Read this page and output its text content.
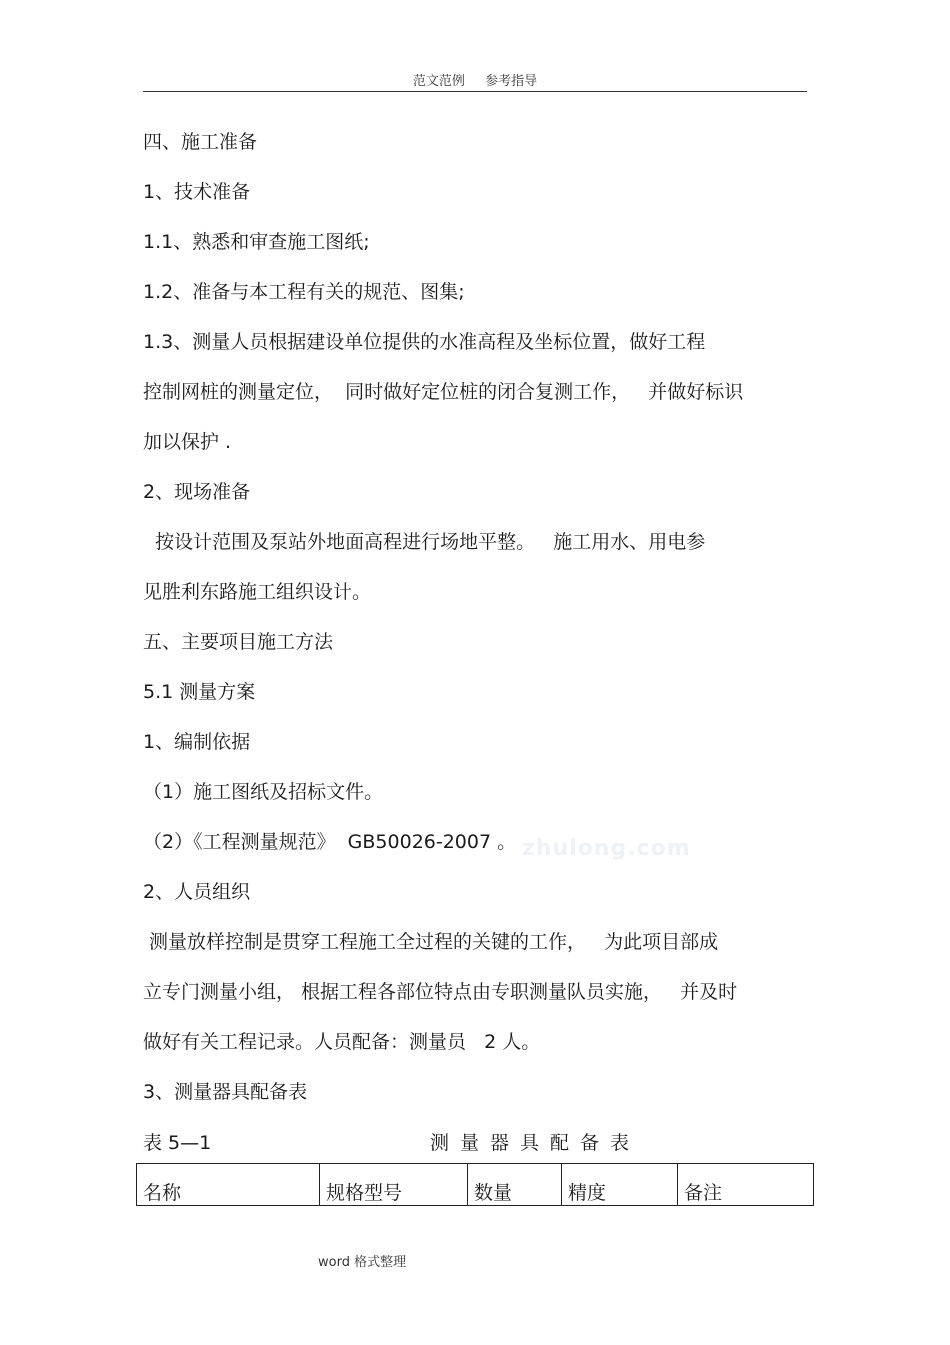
范文范例 参考指导
四、施工准备
1、技术准备
1.1、熟悉和审查施工图纸;
1.2、准备与本工程有关的规范、图集;
1.3、测量人员根据建设单位提供的水准高程及坐标位置，做好工程
控制网桩的测量定位，  同时做好定位桩的闭合复测工作，   并做好标识
加以保护 .
2、现场准备
按设计范围及泵站外地面高程进行场地平整。   施工用水、用电参
见胜利东路施工组织设计。
五、主要项目施工方法
5.1 测量方案
1、编制依据
（1）施工图纸及招标文件。
（2）《工程测量规范》  GB50026-2007 。 zhulong.com
2、人员组织
测量放样控制是贯穿工程施工全过程的关键的工作，   为此项目部成
立专门测量小组， 根据工程各部位特点由专职测量队员实施，   并及时
做好有关工程记录。人员配备：测量员   2 人。
3、测量器具配备表
表 5—1	测量器具配备表
名称	规格型号	数量	精度	备注
word 格式整理
